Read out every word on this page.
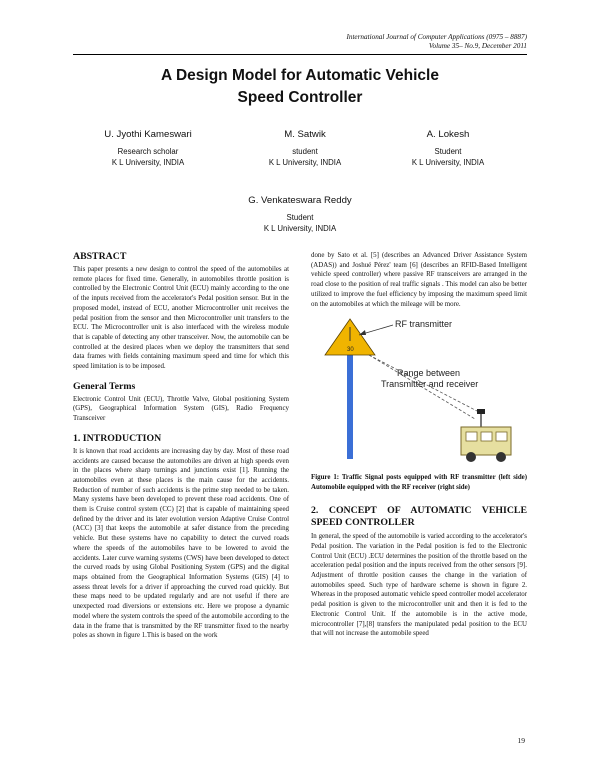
International Journal of Computer Applications (0975 – 8887)
Volume 35– No.9, December 2011
A Design Model for Automatic Vehicle
Speed Controller
U. Jyothi Kameswari
Research scholar
K L University, INDIA
M. Satwik
student
K L University, INDIA
A. Lokesh
Student
K L University, INDIA
G. Venkateswara Reddy
Student
K L University, INDIA
ABSTRACT

This paper presents a new design to control the speed of the automobiles at remote places for fixed time. Generally, in automobiles throttle position is controlled by the Electronic Control Unit (ECU) mainly according to the one of the inputs received from the accelerator's Pedal position sensor. But in the proposed model, instead of ECU, another Microcontroller unit receives the pedal position from the sensor and then Microcontroller unit transfers to the ECU. The Microcontroller unit is also interfaced with the wireless module that is capable of detecting any other transceiver. Now, the automobile can be controlled at the desired places when we deploy the transmitters that send data frames with fields containing maximum speed and time for which this speed limitation is to be imposed.

General Terms

Electronic Control Unit (ECU), Throttle Valve, Global positioning System (GPS), Geographical Information System (GIS), Radio Frequency Transceiver

1. INTRODUCTION

It is known that road accidents are increasing day by day. Most of these road accidents are caused because the automobiles are driven at high speeds even in the places where sharp turnings and junctions exist [1]. Running the automobiles even at these places is the main cause for the accidents. Reduction of number of such accidents is the prime step needed to be taken. Many systems have been developed to prevent these road accidents. One of them is Cruise control system (CC) [2] that is capable of maintaining speed defined by the driver and its later evolution version Adaptive Cruise Control (ACC) [3] that keeps the automobile at safer distance from the preceding vehicle. But these systems have no capability to detect the curved roads where the speeds of the automobiles have to be lowered to avoid the accidents. Later curve warning systems (CWS) have been developed to detect the curved roads by using Global Positioning System (GPS) and the digital maps obtained from the Geographical Information Systems (GIS) [4] to assess threat levels for a driver if approaching the curved road quickly. But these maps need to be updated regularly and are not useful if there are unexpected road diversions or extensions etc. Here we propose a dynamic model where the system controls the speed of the automobile according to the data in the frame that is transmitted by the RF transmitter fixed to the nearby poles as shown in figure 1.This is based on the work

done by Sato et al. [5] (describes an Advanced Driver Assistance System (ADAS)) and Joshué Pérez' team [6] (describes an RFID-Based Intelligent vehicle speed controller) where passive RF transceivers are arranged in the road close to the position of real traffic signals . This model can also be better utilized to improve the fuel efficiency by imposing the maximum speed limit on the automobiles at which the mileage will be more.

30
RF transmitter
Range between
Transmitter and receiver

Figure 1: Traffic Signal posts equipped with RF transmitter (left side) Automobile equipped with the RF receiver (right side)

2. CONCEPT OF AUTOMATIC VEHICLE SPEED CONTROLLER

In general, the speed of the automobile is varied according to the accelerator's Pedal position. The variation in the Pedal position is fed to the Electronic Control Unit (ECU) .ECU determines the position of the throttle based on the acceleration pedal position and the inputs received from the other sensors [9]. Adjustment of throttle position causes the change in the variation of automobiles speed. Such type of hardware scheme is shown in figure 2. Whereas in the proposed automatic vehicle speed controller model accelerator pedal position is given to the microcontroller unit and then it is fed to the Electronic Control Unit. If the automobile is in the active mode, microcontroller [7],[8] transfers the manipulated pedal position to the ECU that will not increase the automobile speed

19
